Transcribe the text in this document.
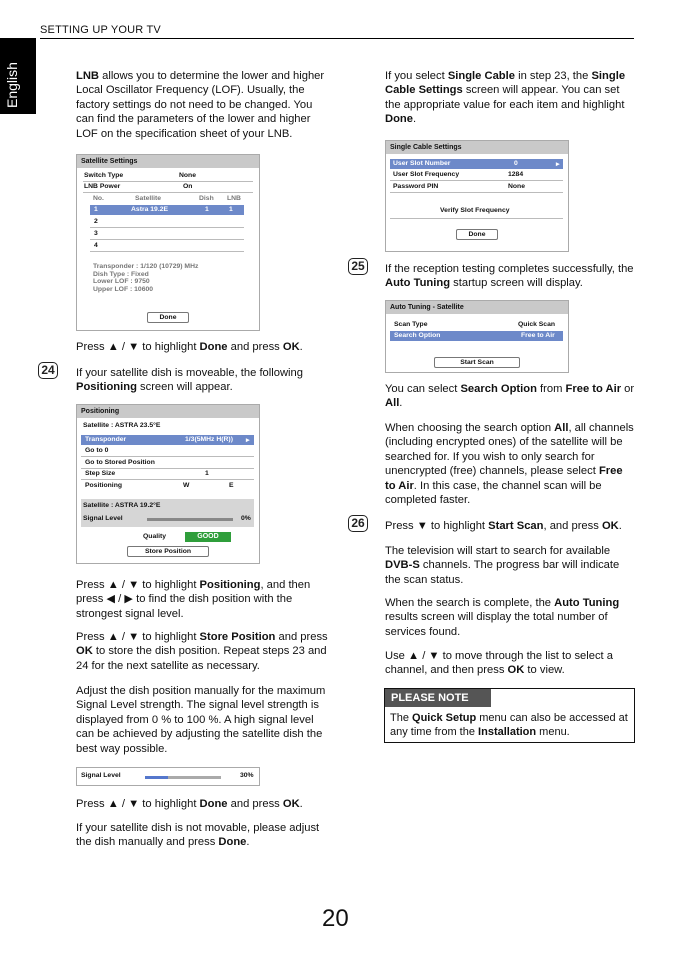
SETTING UP YOUR TV
English	LNB allows you to determine the lower and higher Local Oscillator Frequency (LOF). Usually, the factory settings do not need to be changed. You can find the parameters of the lower and higher LOF on the specification sheet of your LNB.

Satellite Settings
Switch Type	None
LNB Power	On
No.	Satellite	Dish LNB
1	Astra 19.2E	1	1
2
3
4
Transponder : 1/120 (10729) MHz
Dish Type : Fixed
Lower LOF : 9750
Upper LOF : 10600
Done

Press ▲ / ▼ to highlight Done and press OK.

24 If your satellite dish is moveable, the following Positioning screen will appear.

Positioning
Satellite : ASTRA 23.5°E
Transponder	1/3(5MHz H(R)) ▸
Go to 0
Go to Stored Position
Step Size	1
Positioning	W	E
Satellite : ASTRA 19.2°E
Signal Level	0%
Quality	GOOD
Store Position

Press ▲ / ▼ to highlight Positioning, and then press ◀ / ▶ to find the dish position with the strongest signal level.

Press ▲ / ▼ to highlight Store Position and press OK to store the dish position. Repeat steps 23 and 24 for the next satellite as necessary.

Adjust the dish position manually for the maximum Signal Level strength. The signal level strength is displayed from 0 % to 100 %. A high signal level can be achieved by adjusting the satellite dish the best way possible.

Signal Level	30%

Press ▲ / ▼ to highlight Done and press OK.

If your satellite dish is not movable, please adjust the dish manually and press Done.

If you select Single Cable in step 23, the Single Cable Settings screen will appear. You can set the appropriate value for each item and highlight Done.

Single Cable Settings
User Slot Number	0	▸
User Slot Frequency	1284
Password PIN	None
Verify Slot Frequency
Done
25 If the reception testing completes successfully, the Auto Tuning startup screen will display.

Auto Tuning - Satellite
Scan Type	Quick Scan
Search Option	Free to Air
Start Scan

You can select Search Option from Free to Air or All.

When choosing the search option All, all channels (including encrypted ones) of the satellite will be searched for. If you wish to only search for unencrypted (free) channels, please select Free to Air. In this case, the channel scan will be completed faster.

26 Press ▼ to highlight Start Scan, and press OK.

The television will start to search for available DVB-S channels. The progress bar will indicate the scan status.

When the search is complete, the Auto Tuning results screen will display the total number of services found.

Use ▲ / ▼ to move through the list to select a channel, and then press OK to view.

PLEASE NOTE

The Quick Setup menu can also be accessed at any time from the Installation menu.

20
